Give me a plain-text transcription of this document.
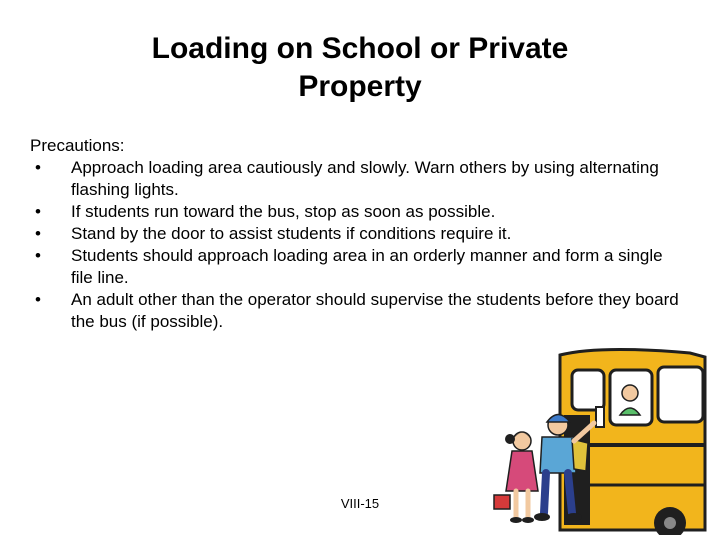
Loading on School or Private
Property

Precautions:

• Approach loading area cautiously and slowly. Warn others by using alternating flashing lights.
• If students run toward the bus, stop as soon as possible.
• Stand by the door to assist students if conditions require it.
• Students should approach loading area in an orderly manner and form a single file line.
• An adult other than the operator should supervise the students before they board the bus (if possible).
VIII-15
